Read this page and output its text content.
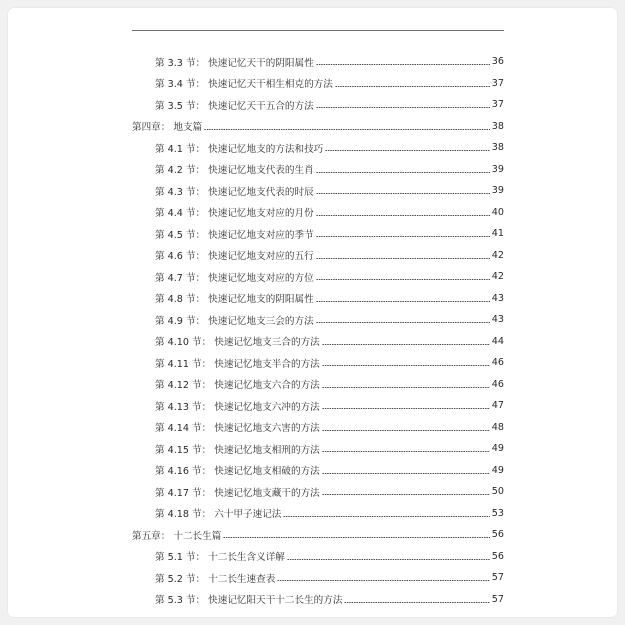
第 3.3 节： 快速记忆天干的阴阳属性	36
第 3.4 节： 快速记忆天干相生相克的方法	37
第 3.5 节： 快速记忆天干五合的方法	37
第四章： 地支篇	38
第 4.1 节： 快速记忆地支的方法和技巧	38
第 4.2 节： 快速记忆地支代表的生肖	39
第 4.3 节： 快速记忆地支代表的时辰	39
第 4.4 节： 快速记忆地支对应的月份	40
第 4.5 节： 快速记忆地支对应的季节	41
第 4.6 节： 快速记忆地支对应的五行	42
第 4.7 节： 快速记忆地支对应的方位	42
第 4.8 节： 快速记忆地支的阴阳属性	43
第 4.9 节： 快速记忆地支三会的方法	43
第 4.10 节： 快速记忆地支三合的方法	44
第 4.11 节： 快速记忆地支半合的方法	46
第 4.12 节： 快速记忆地支六合的方法	46
第 4.13 节： 快速记忆地支六冲的方法	47
第 4.14 节： 快速记忆地支六害的方法	48
第 4.15 节： 快速记忆地支相刑的方法	49
第 4.16 节： 快速记忆地支相破的方法	49
第 4.17 节： 快速记忆地支藏干的方法	50
第 4.18 节： 六十甲子速记法	53
第五章： 十二长生篇	56
第 5.1 节： 十二长生含义详解	56
第 5.2 节： 十二长生速查表	57
第 5.3 节： 快速记忆阳天干十二长生的方法	57
